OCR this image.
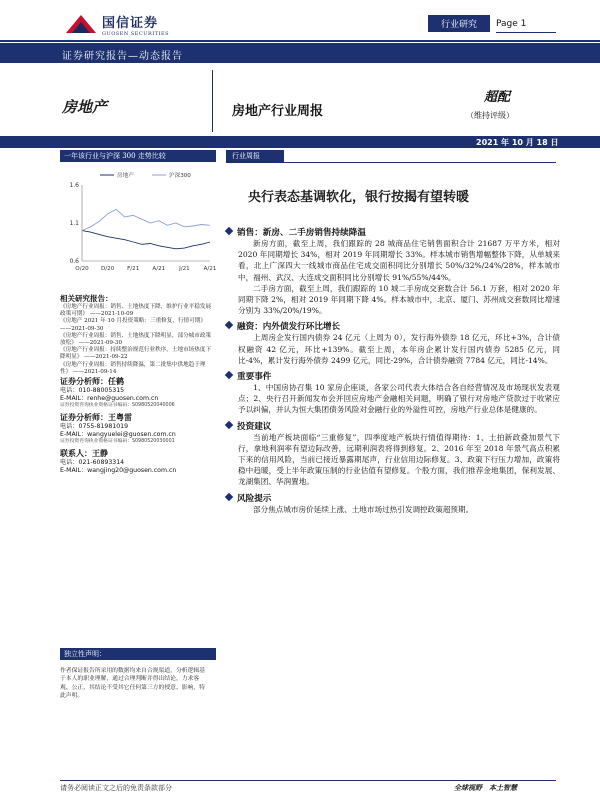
国信证券
GUOSEN SECURITIES
行业研究	Page 1
证券研究报告—动态报告
房地产	房地产行业周报
超配
（维持评级）
2021 年 10 月 18 日
一年该行业与沪深 300 走势比较
1.6
1.1
0.6
O/20 D/20 F/21 A/21 J/21 A/21
房地产	沪深300
相关研究报告：
《房地产行业周报：销售、土地热度下降，维护行业平稳发展政策可期》 ——2021-10-09
《房地产 2021 年 10 月投资策略：三重修复，行情可期》 ——2021-09-30
《房地产行业周报：销售、土地热度下降明显，部分城市政策放松》 ——2021-09-30
《房地产行业周报：持续整治规范行业秩序，土地市场热度下降明显》 ——2021-09-22
《房地产行业周报：销售持续降温，第二批集中供地趋于理性》 ——2021-09-14
证券分析师：任鹤
电话：010-88005315
E-MAIL：renhe@guosen.com.cn
证券投资咨询执业资格证书编码：S0980520040006
证券分析师：王粤雷
电话：0755-81981019
E-MAIL：wangyuelei@guosen.com.cn
证券投资咨询执业资格证书编码：S0980520030001
联系人：王静
电话：021-60893314
E-MAIL：wangjing20@guosen.com.cn
独立性声明：
作者保证报告所采用的数据均来自合规渠道，分析逻辑基于本人的职业理解，通过合理判断并得出结论，力求客观、公正，其结论不受其它任何第三方的授意、影响，特此声明。
行业周报
央行表态基调软化，银行按揭有望转暖
销售：新房、二手房销售持续降温

新房方面，截至上周，我们跟踪的 28 城商品住宅销售面积合计 21687 万平方米，相对 2020 年同期增长 34%，相对 2019 年同期增长 33%。样本城市销售增幅整体下降，从单城来看，北上广深四大一线城市商品住宅成交面积同比分别增长 50%/32%/24%/28%，样本城市中，福州、武汉、大连成交面积同比分别增长 91%/55%/44%。

二手房方面，截至上周，我们跟踪的 10 城二手房成交套数合计 56.1 万套，相对 2020 年同期下降 2%，相对 2019 年同期下降 4%。样本城市中，北京、厦门、苏州成交套数同比增速分别为 33%/20%/19%。

融资：内外债发行环比增长

上周房企发行国内债券 24 亿元（上周为 0），发行海外债券 18 亿元，环比+3%，合计债权融资 42 亿元，环比+139%。截至上周，本年房企累计发行国内债券 5285 亿元，同比-4%，累计发行海外债券 2499 亿元，同比-29%，合计债券融资 7784 亿元，同比-14%。

重要事件

1、中国房协召集 10 家房企座谈，各家公司代表大体结合各自经营情况及市场现状发表观点；2、央行召开新闻发布会并回应房地产金融相关问题，明确了银行对房地产贷款过于收紧应予以纠偏，并认为恒大集团债务风险对金融行业的外溢性可控，房地产行业总体是健康的。

投资建议

当前地产板块面临“三重修复”，四季度地产板块行情值得期待：1、土拍新政叠加景气下行，拿地利润率有望边际改善，远期利润表将得到修复。2、2016 年至 2018 年景气高点积累下来的信用风险，当前已接近暴露期尾声，行业信用边际修复。3、政策下行压力增加，政策将稳中趋暖，受上半年政策压制的行业估值有望修复。个股方面，我们推荐金地集团，保利发展、龙湖集团、华润置地。

风险提示

部分焦点城市房价延续上涨、土地市场过热引发调控政策超预期。

请务必阅读正文之后的免责条款部分	全球视野　本土智慧
